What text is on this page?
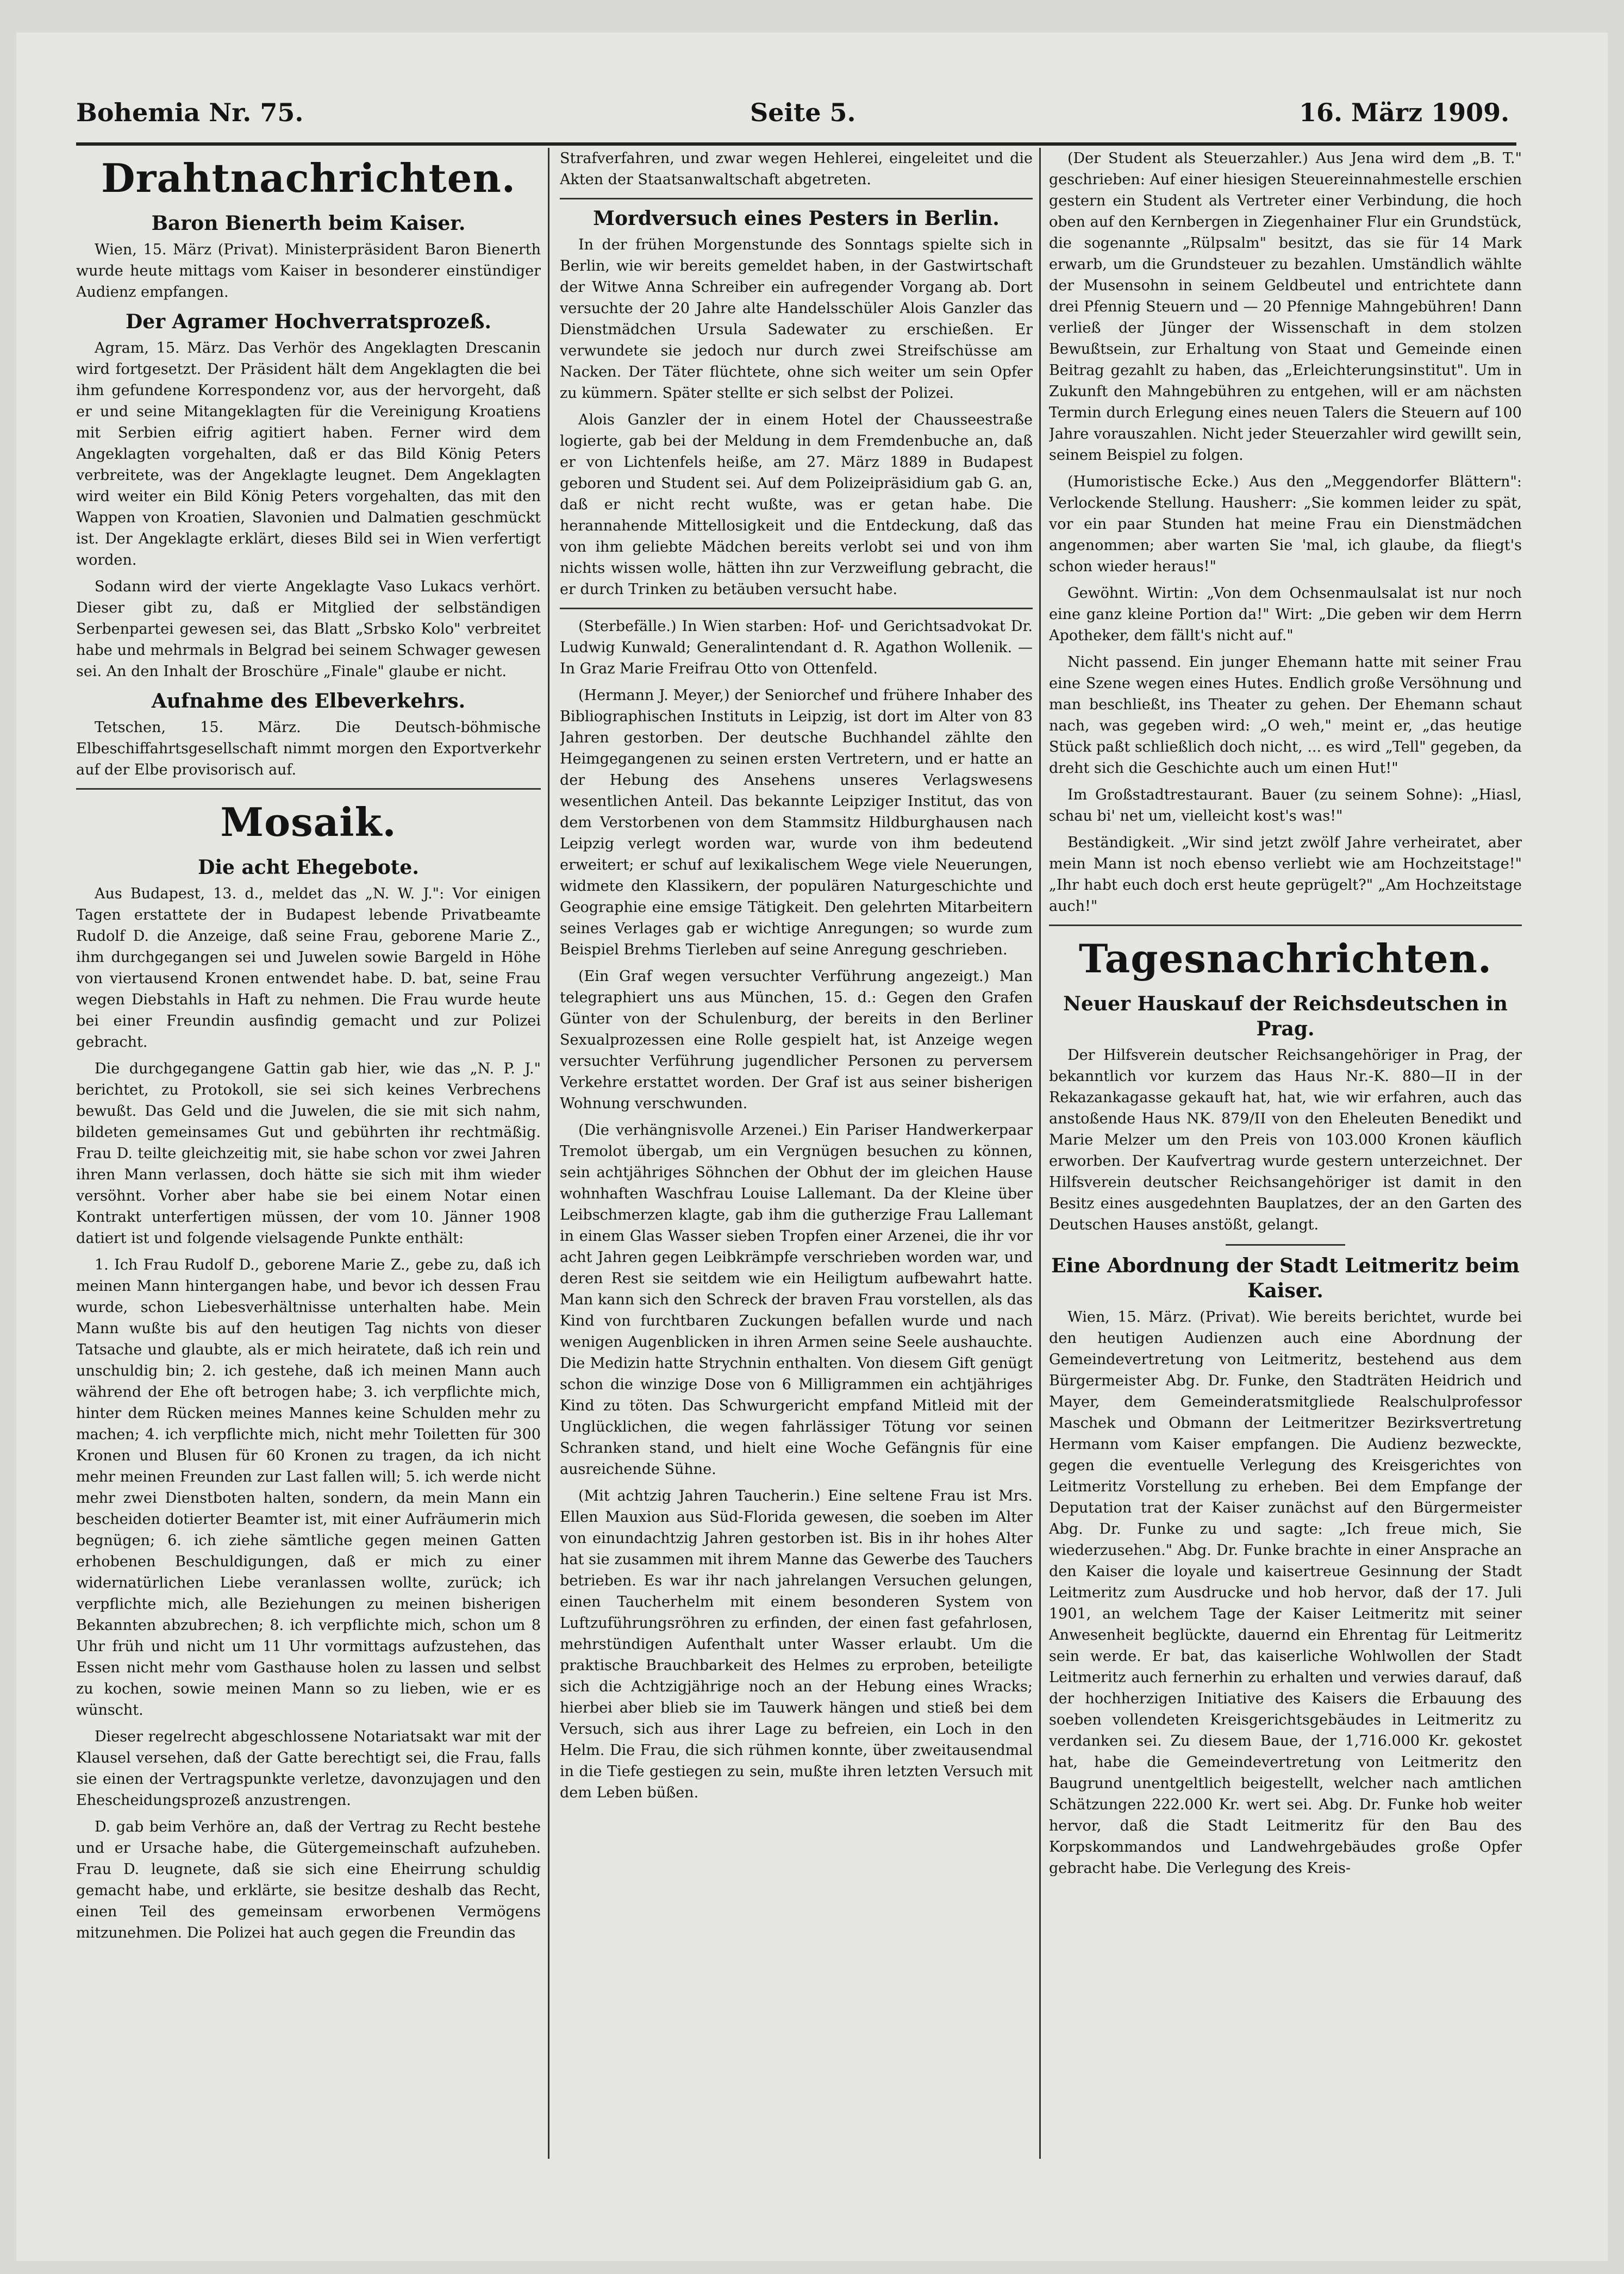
Bohemia Nr. 75.	Seite 5.	16. März 1909.
Drahtnachrichten.
Baron Bienerth beim Kaiser.

Wien, 15. März (Privat). Ministerpräsident Baron Bienerth wurde heute mittags vom Kaiser in besonderer einstündiger Audienz empfangen.

Der Agramer Hochverratsprozeß.

Agram, 15. März. Das Verhör des Angeklagten Drescanin wird fortgesetzt. Der Präsident hält dem Angeklagten die bei ihm gefundene Korrespondenz vor, aus der hervorgeht, daß er und seine Mitangeklagten für die Vereinigung Kroatiens mit Serbien eifrig agitiert haben. Ferner wird dem Angeklagten vorgehalten, daß er das Bild König Peters verbreitete, was der Angeklagte leugnet. Dem Angeklagten wird weiter ein Bild König Peters vorgehalten, das mit den Wappen von Kroatien, Slavonien und Dalmatien geschmückt ist. Der Angeklagte erklärt, dieses Bild sei in Wien verfertigt worden.

Sodann wird der vierte Angeklagte Vaso Lukacs verhört. Dieser gibt zu, daß er Mitglied der selbständigen Serbenpartei gewesen sei, das Blatt „Srbsko Kolo" verbreitet habe und mehrmals in Belgrad bei seinem Schwager gewesen sei. An den Inhalt der Broschüre „Finale" glaube er nicht.

Aufnahme des Elbeverkehrs.

Tetschen, 15. März. Die Deutsch-böhmische Elbeschiffahrtsgesellschaft nimmt morgen den Exportverkehr auf der Elbe provisorisch auf.

Mosaik.
Die acht Ehegebote.

Aus Budapest, 13. d., meldet das „N. W. J.": Vor einigen Tagen erstattete der in Budapest lebende Privatbeamte Rudolf D. die Anzeige, daß seine Frau, geborene Marie Z., ihm durchgegangen sei und Juwelen sowie Bargeld in Höhe von viertausend Kronen entwendet habe. D. bat, seine Frau wegen Diebstahls in Haft zu nehmen. Die Frau wurde heute bei einer Freundin ausfindig gemacht und zur Polizei gebracht.

Die durchgegangene Gattin gab hier, wie das „N. P. J." berichtet, zu Protokoll, sie sei sich keines Verbrechens bewußt. Das Geld und die Juwelen, die sie mit sich nahm, bildeten gemeinsames Gut und gebührten ihr rechtmäßig. Frau D. teilte gleichzeitig mit, sie habe schon vor zwei Jahren ihren Mann verlassen, doch hätte sie sich mit ihm wieder versöhnt. Vorher aber habe sie bei einem Notar einen Kontrakt unterfertigen müssen, der vom 10. Jänner 1908 datiert ist und folgende vielsagende Punkte enthält:

1. Ich Frau Rudolf D., geborene Marie Z., gebe zu, daß ich meinen Mann hintergangen habe, und bevor ich dessen Frau wurde, schon Liebesverhältnisse unterhalten habe. Mein Mann wußte bis auf den heutigen Tag nichts von dieser Tatsache und glaubte, als er mich heiratete, daß ich rein und unschuldig bin; 2. ich gestehe, daß ich meinen Mann auch während der Ehe oft betrogen habe; 3. ich verpflichte mich, hinter dem Rücken meines Mannes keine Schulden mehr zu machen; 4. ich verpflichte mich, nicht mehr Toiletten für 300 Kronen und Blusen für 60 Kronen zu tragen, da ich nicht mehr meinen Freunden zur Last fallen will; 5. ich werde nicht mehr zwei Dienstboten halten, sondern, da mein Mann ein bescheiden dotierter Beamter ist, mit einer Aufräumerin mich begnügen; 6. ich ziehe sämtliche gegen meinen Gatten erhobenen Beschuldigungen, daß er mich zu einer widernatürlichen Liebe veranlassen wollte, zurück; ich verpflichte mich, alle Beziehungen zu meinen bisherigen Bekannten abzubrechen; 8. ich verpflichte mich, schon um 8 Uhr früh und nicht um 11 Uhr vormittags aufzustehen, das Essen nicht mehr vom Gasthause holen zu lassen und selbst zu kochen, sowie meinen Mann so zu lieben, wie er es wünscht.

Dieser regelrecht abgeschlossene Notariatsakt war mit der Klausel versehen, daß der Gatte berechtigt sei, die Frau, falls sie einen der Vertragspunkte verletze, davonzujagen und den Ehescheidungsprozeß anzustrengen.

D. gab beim Verhöre an, daß der Vertrag zu Recht bestehe und er Ursache habe, die Gütergemeinschaft aufzuheben. Frau D. leugnete, daß sie sich eine Eheirrung schuldig gemacht habe, und erklärte, sie besitze deshalb das Recht, einen Teil des gemeinsam erworbenen Vermögens mitzunehmen. Die Polizei hat auch gegen die Freundin das

Strafverfahren, und zwar wegen Hehlerei, eingeleitet und die Akten der Staatsanwaltschaft abgetreten.

Mordversuch eines Pesters in Berlin.

In der frühen Morgenstunde des Sonntags spielte sich in Berlin, wie wir bereits gemeldet haben, in der Gastwirtschaft der Witwe Anna Schreiber ein aufregender Vorgang ab. Dort versuchte der 20 Jahre alte Handelsschüler Alois Ganzler das Dienstmädchen Ursula Sadewater zu erschießen. Er verwundete sie jedoch nur durch zwei Streifschüsse am Nacken. Der Täter flüchtete, ohne sich weiter um sein Opfer zu kümmern. Später stellte er sich selbst der Polizei.

Alois Ganzler der in einem Hotel der Chausseestraße logierte, gab bei der Meldung in dem Fremdenbuche an, daß er von Lichtenfels heiße, am 27. März 1889 in Budapest geboren und Student sei. Auf dem Polizeipräsidium gab G. an, daß er nicht recht wußte, was er getan habe. Die herannahende Mittellosigkeit und die Entdeckung, daß das von ihm geliebte Mädchen bereits verlobt sei und von ihm nichts wissen wolle, hätten ihn zur Verzweiflung gebracht, die er durch Trinken zu betäuben versucht habe.

(Sterbefälle.) In Wien starben: Hof- und Gerichtsadvokat Dr. Ludwig Kunwald; Generalintendant d. R. Agathon Wollenik. — In Graz Marie Freifrau Otto von Ottenfeld.

(Hermann J. Meyer,) der Seniorchef und frühere Inhaber des Bibliographischen Instituts in Leipzig, ist dort im Alter von 83 Jahren gestorben. Der deutsche Buchhandel zählte den Heimgegangenen zu seinen ersten Vertretern, und er hatte an der Hebung des Ansehens unseres Verlagswesens wesentlichen Anteil. Das bekannte Leipziger Institut, das von dem Verstorbenen von dem Stammsitz Hildburghausen nach Leipzig verlegt worden war, wurde von ihm bedeutend erweitert; er schuf auf lexikalischem Wege viele Neuerungen, widmete den Klassikern, der populären Naturgeschichte und Geographie eine emsige Tätigkeit. Den gelehrten Mitarbeitern seines Verlages gab er wichtige Anregungen; so wurde zum Beispiel Brehms Tierleben auf seine Anregung geschrieben.

(Ein Graf wegen versuchter Verführung angezeigt.) Man telegraphiert uns aus München, 15. d.: Gegen den Grafen Günter von der Schulenburg, der bereits in den Berliner Sexualprozessen eine Rolle gespielt hat, ist Anzeige wegen versuchter Verführung jugendlicher Personen zu perversem Verkehre erstattet worden. Der Graf ist aus seiner bisherigen Wohnung verschwunden.

(Die verhängnisvolle Arzenei.) Ein Pariser Handwerkerpaar Tremolot übergab, um ein Vergnügen besuchen zu können, sein achtjähriges Söhnchen der Obhut der im gleichen Hause wohnhaften Waschfrau Louise Lallemant. Da der Kleine über Leibschmerzen klagte, gab ihm die gutherzige Frau Lallemant in einem Glas Wasser sieben Tropfen einer Arzenei, die ihr vor acht Jahren gegen Leibkrämpfe verschrieben worden war, und deren Rest sie seitdem wie ein Heiligtum aufbewahrt hatte. Man kann sich den Schreck der braven Frau vorstellen, als das Kind von furchtbaren Zuckungen befallen wurde und nach wenigen Augenblicken in ihren Armen seine Seele aushauchte. Die Medizin hatte Strychnin enthalten. Von diesem Gift genügt schon die winzige Dose von 6 Milligrammen ein achtjähriges Kind zu töten. Das Schwurgericht empfand Mitleid mit der Unglücklichen, die wegen fahrlässiger Tötung vor seinen Schranken stand, und hielt eine Woche Gefängnis für eine ausreichende Sühne.

(Mit achtzig Jahren Taucherin.) Eine seltene Frau ist Mrs. Ellen Mauxion aus Süd-Florida gewesen, die soeben im Alter von einundachtzig Jahren gestorben ist. Bis in ihr hohes Alter hat sie zusammen mit ihrem Manne das Gewerbe des Tauchers betrieben. Es war ihr nach jahrelangen Versuchen gelungen, einen Taucherhelm mit einem besonderen System von Luftzuführungsröhren zu erfinden, der einen fast gefahrlosen, mehrstündigen Aufenthalt unter Wasser erlaubt. Um die praktische Brauchbarkeit des Helmes zu erproben, beteiligte sich die Achtzigjährige noch an der Hebung eines Wracks; hierbei aber blieb sie im Tauwerk hängen und stieß bei dem Versuch, sich aus ihrer Lage zu befreien, ein Loch in den Helm. Die Frau, die sich rühmen konnte, über zweitausendmal in die Tiefe gestiegen zu sein, mußte ihren letzten Versuch mit dem Leben büßen.

(Der Student als Steuerzahler.) Aus Jena wird dem „B. T." geschrieben: Auf einer hiesigen Steuereinnahmestelle erschien gestern ein Student als Vertreter einer Verbindung, die hoch oben auf den Kernbergen in Ziegenhainer Flur ein Grundstück, die sogenannte „Rülpsalm" besitzt, das sie für 14 Mark erwarb, um die Grundsteuer zu bezahlen. Umständlich wählte der Musensohn in seinem Geldbeutel und entrichtete dann drei Pfennig Steuern und — 20 Pfennige Mahngebühren! Dann verließ der Jünger der Wissenschaft in dem stolzen Bewußtsein, zur Erhaltung von Staat und Gemeinde einen Beitrag gezahlt zu haben, das „Erleichterungsinstitut". Um in Zukunft den Mahngebühren zu entgehen, will er am nächsten Termin durch Erlegung eines neuen Talers die Steuern auf 100 Jahre vorauszahlen. Nicht jeder Steuerzahler wird gewillt sein, seinem Beispiel zu folgen.

(Humoristische Ecke.) Aus den „Meggendorfer Blättern": Verlockende Stellung. Hausherr: „Sie kommen leider zu spät, vor ein paar Stunden hat meine Frau ein Dienstmädchen angenommen; aber warten Sie 'mal, ich glaube, da fliegt's schon wieder heraus!"

Gewöhnt. Wirtin: „Von dem Ochsenmaulsalat ist nur noch eine ganz kleine Portion da!" Wirt: „Die geben wir dem Herrn Apotheker, dem fällt's nicht auf."

Nicht passend. Ein junger Ehemann hatte mit seiner Frau eine Szene wegen eines Hutes. Endlich große Versöhnung und man beschließt, ins Theater zu gehen. Der Ehemann schaut nach, was gegeben wird: „O weh," meint er, „das heutige Stück paßt schließlich doch nicht, ... es wird „Tell" gegeben, da dreht sich die Geschichte auch um einen Hut!"

Im Großstadtrestaurant. Bauer (zu seinem Sohne): „Hiasl, schau bi' net um, vielleicht kost's was!"

Beständigkeit. „Wir sind jetzt zwölf Jahre verheiratet, aber mein Mann ist noch ebenso verliebt wie am Hochzeitstage!" „Ihr habt euch doch erst heute geprügelt?" „Am Hochzeitstage auch!"

Tagesnachrichten.
Neuer Hauskauf der Reichsdeutschen in Prag.

Der Hilfsverein deutscher Reichsangehöriger in Prag, der bekanntlich vor kurzem das Haus Nr.-K. 880—II in der Rekazankagasse gekauft hat, hat, wie wir erfahren, auch das anstoßende Haus NK. 879/II von den Eheleuten Benedikt und Marie Melzer um den Preis von 103.000 Kronen käuflich erworben. Der Kaufvertrag wurde gestern unterzeichnet. Der Hilfsverein deutscher Reichsangehöriger ist damit in den Besitz eines ausgedehnten Bauplatzes, der an den Garten des Deutschen Hauses anstößt, gelangt.

Eine Abordnung der Stadt Leitmeritz beim Kaiser.

Wien, 15. März. (Privat). Wie bereits berichtet, wurde bei den heutigen Audienzen auch eine Abordnung der Gemeindevertretung von Leitmeritz, bestehend aus dem Bürgermeister Abg. Dr. Funke, den Stadträten Heidrich und Mayer, dem Gemeinderatsmitgliede Realschulprofessor Maschek und Obmann der Leitmeritzer Bezirksvertretung Hermann vom Kaiser empfangen. Die Audienz bezweckte, gegen die eventuelle Verlegung des Kreisgerichtes von Leitmeritz Vorstellung zu erheben. Bei dem Empfange der Deputation trat der Kaiser zunächst auf den Bürgermeister Abg. Dr. Funke zu und sagte: „Ich freue mich, Sie wiederzusehen." Abg. Dr. Funke brachte in einer Ansprache an den Kaiser die loyale und kaisertreue Gesinnung der Stadt Leitmeritz zum Ausdrucke und hob hervor, daß der 17. Juli 1901, an welchem Tage der Kaiser Leitmeritz mit seiner Anwesenheit beglückte, dauernd ein Ehrentag für Leitmeritz sein werde. Er bat, das kaiserliche Wohlwollen der Stadt Leitmeritz auch fernerhin zu erhalten und verwies darauf, daß der hochherzigen Initiative des Kaisers die Erbauung des soeben vollendeten Kreisgerichtsgebäudes in Leitmeritz zu verdanken sei. Zu diesem Baue, der 1,716.000 Kr. gekostet hat, habe die Gemeindevertretung von Leitmeritz den Baugrund unentgeltlich beigestellt, welcher nach amtlichen Schätzungen 222.000 Kr. wert sei. Abg. Dr. Funke hob weiter hervor, daß die Stadt Leitmeritz für den Bau des Korpskommandos und Landwehrgebäudes große Opfer gebracht habe. Die Verlegung des Kreis-
